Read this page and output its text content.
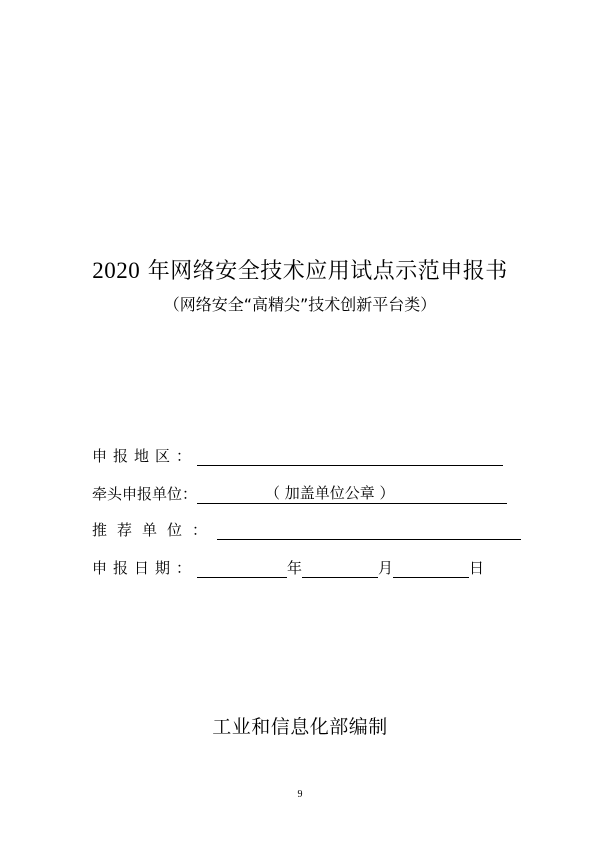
2020 年网络安全技术应用试点示范申报书
（网络安全“高精尖”技术创新平台类）
申报地区：
牵头申报单位：	（ 加盖单位公章 ）
推荐单位：
申报日期：	年	月	日
工业和信息化部编制
9
